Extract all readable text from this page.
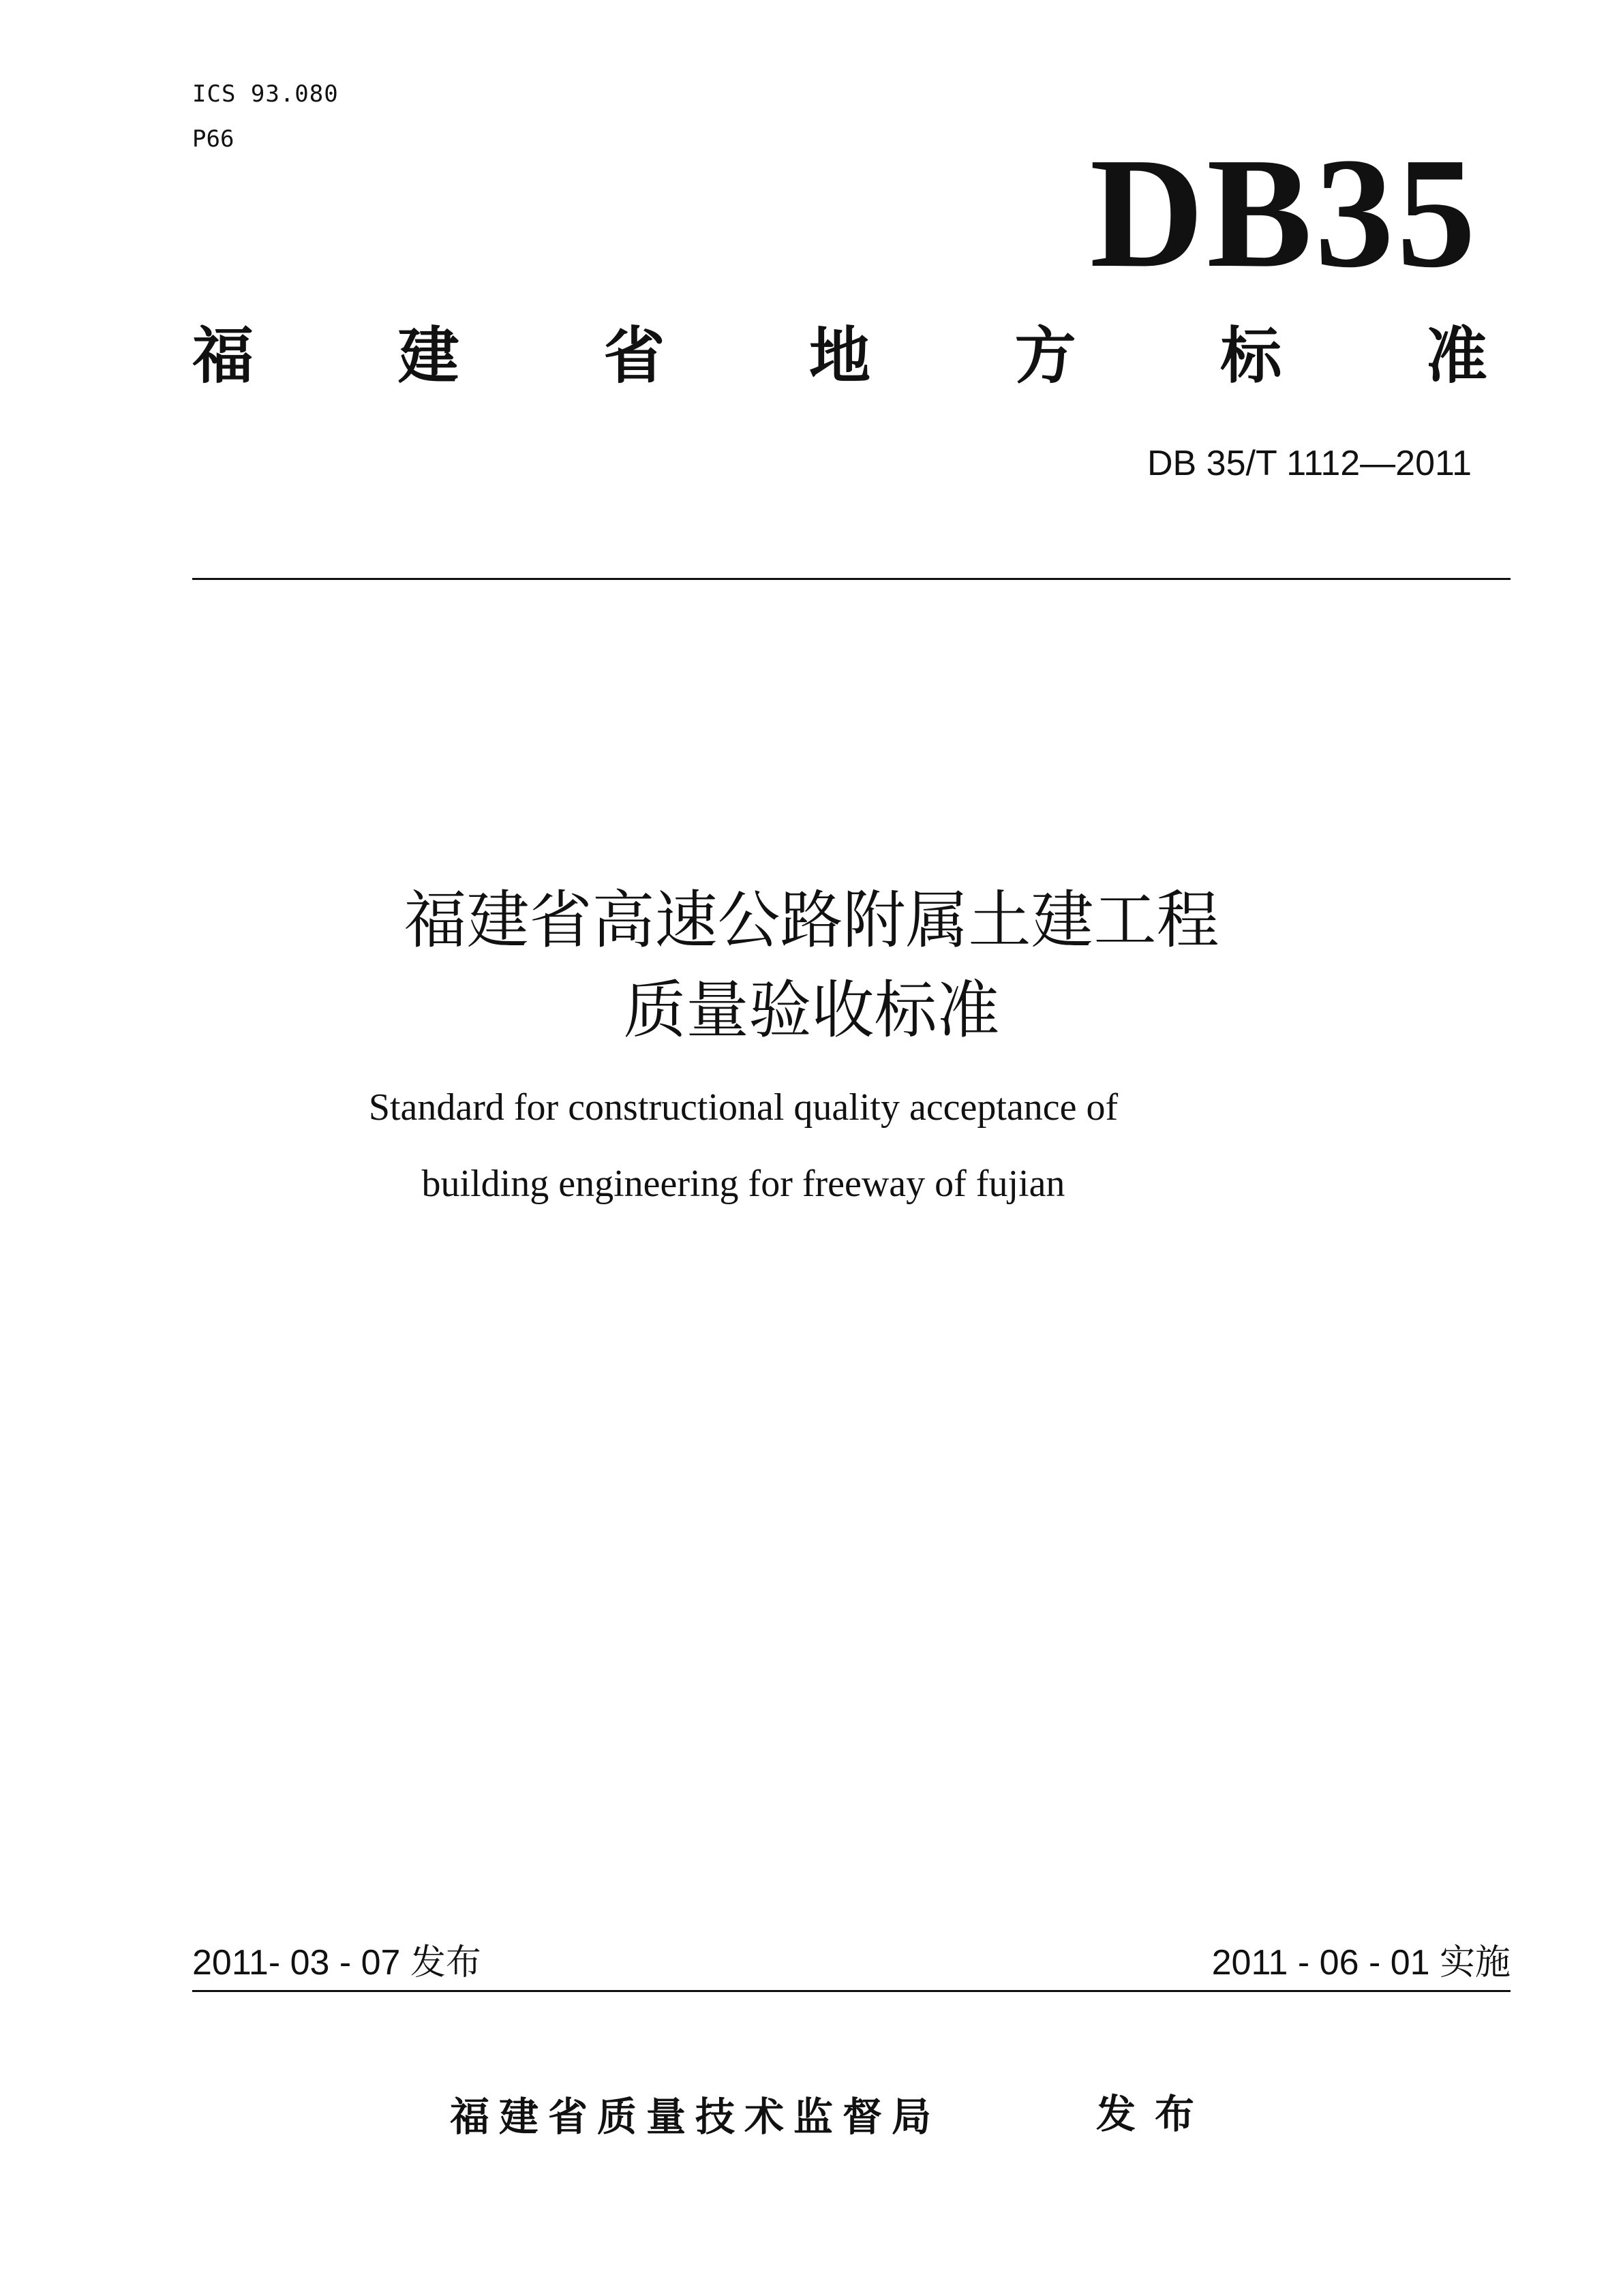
ICS 93.080
P66	DB35
福 建 省 地 方 标 准
DB 35/T 1112—2011
福建省高速公路附属土建工程
质量验收标准
Standard for constructional quality acceptance of
building engineering for freeway of fujian
2011- 03 - 07 发布	2011 - 06 - 01 实施
福建省质量技术监督局	发布
